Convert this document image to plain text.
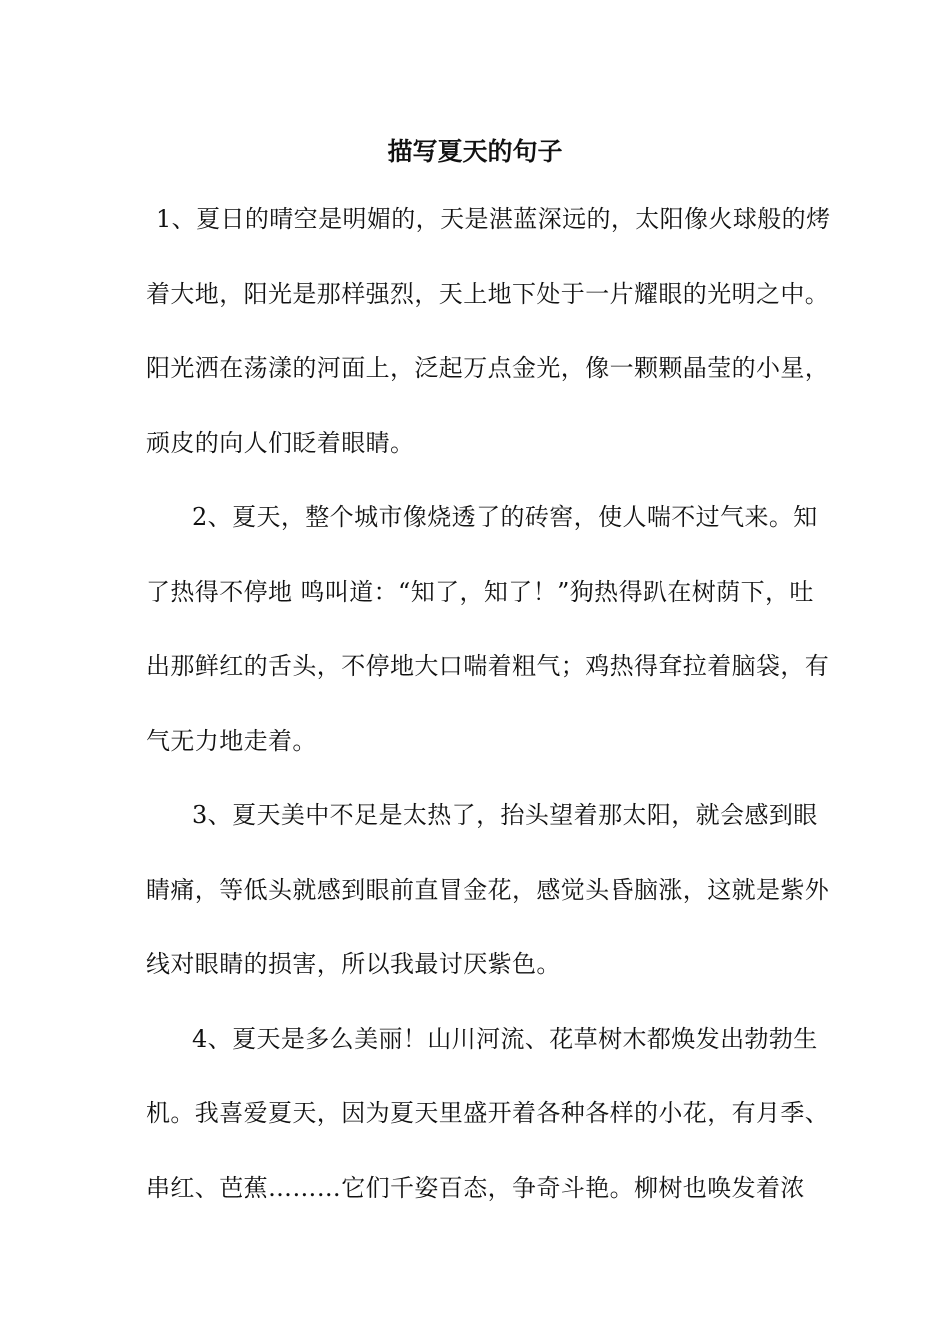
描写夏天的句子

1、夏日的晴空是明媚的，天是湛蓝深远的，太阳像火球般的烤着大地，阳光是那样强烈，天上地下处于一片耀眼的光明之中。阳光洒在荡漾的河面上，泛起万点金光，像一颗颗晶莹的小星，顽皮的向人们眨着眼睛。

2、夏天，整个城市像烧透了的砖窖，使人喘不过气来。知了热得不停地 鸣叫道：“知了，知了！”狗热得趴在树荫下，吐出那鲜红的舌头，不停地大口喘着粗气；鸡热得耷拉着脑袋，有气无力地走着。

3、夏天美中不足是太热了，抬头望着那太阳，就会感到眼睛痛，等低头就感到眼前直冒金花，感觉头昏脑涨，这就是紫外线对眼睛的损害，所以我最讨厌紫色。

4、夏天是多么美丽！山川河流、花草树木都焕发出勃勃生机。我喜爱夏天，因为夏天里盛开着各种各样的小花，有月季、串红、芭蕉………它们千姿百态，争奇斗艳。柳树也唤发着浓
